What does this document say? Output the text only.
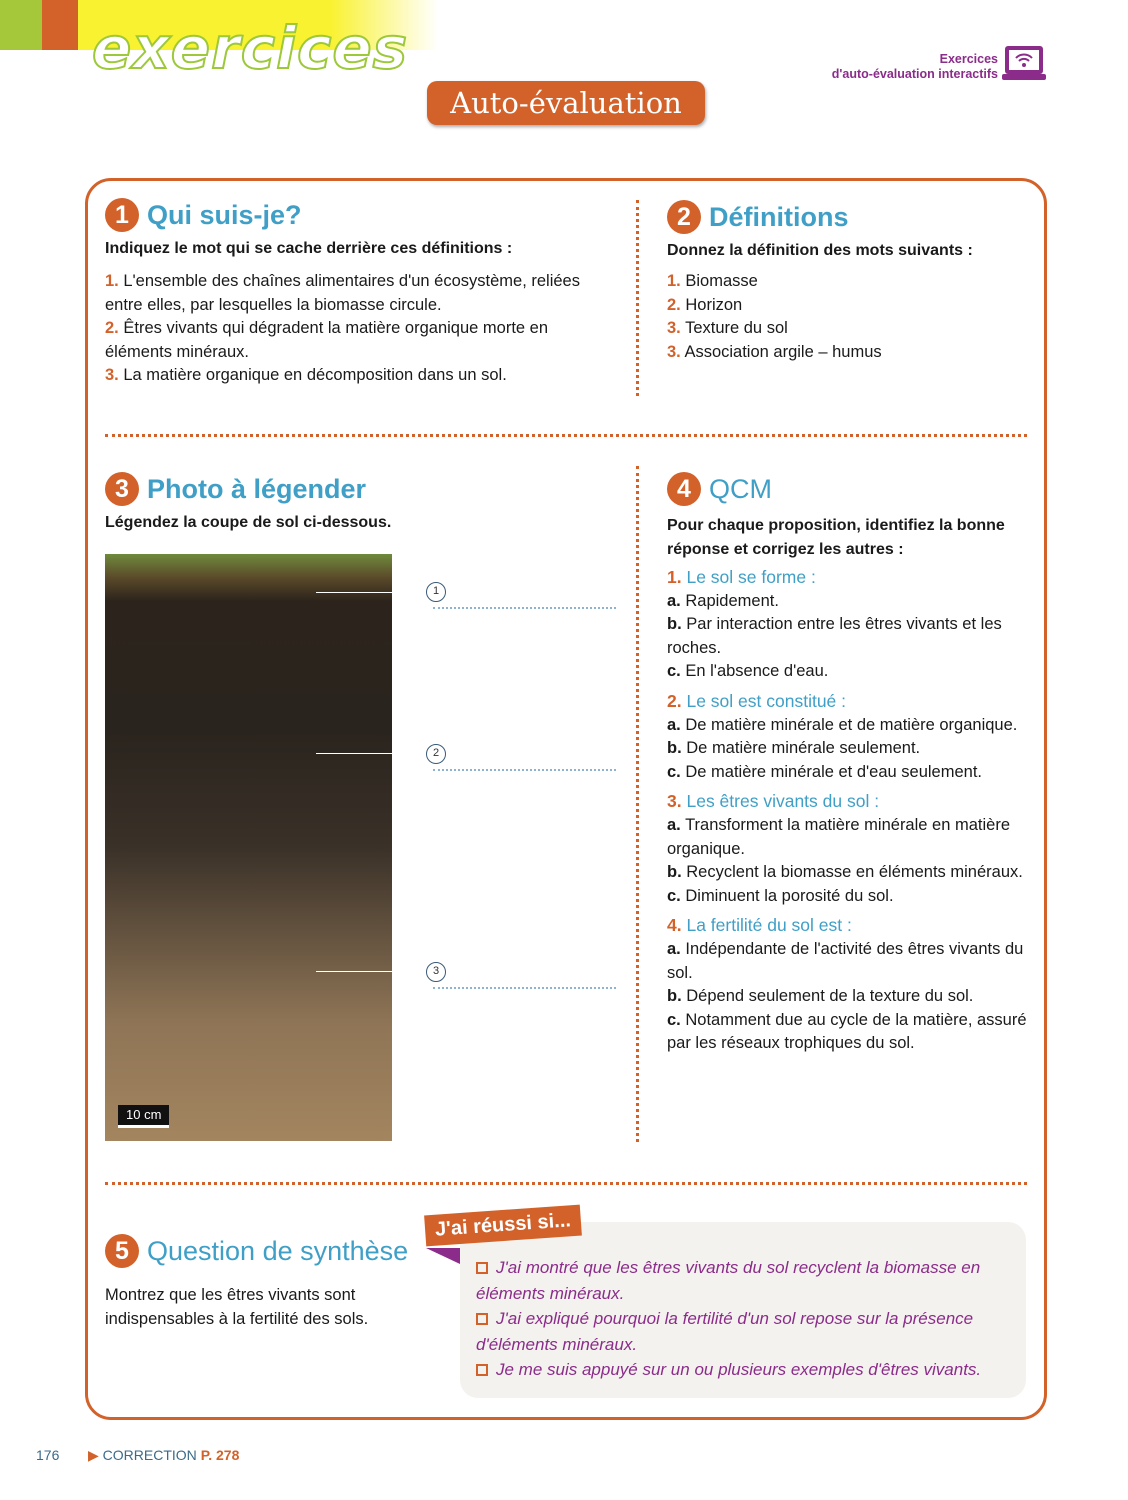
exercices	Exercices
d'auto-évaluation interactifs
Auto-évaluation
1 Qui suis-je?
Indiquez le mot qui se cache derrière ces définitions :
1. L'ensemble des chaînes alimentaires d'un écosystème, reliées entre elles, par lesquelles la biomasse circule.
2. Êtres vivants qui dégradent la matière organique morte en éléments minéraux.
3. La matière organique en décomposition dans un sol.
2 Définitions
Donnez la définition des mots suivants :
1. Biomasse
2. Horizon
3. Texture du sol
3. Association argile – humus
3 Photo à légender
Légendez la coupe de sol ci-dessous.
10 cm
1
2
3
4 QCM
Pour chaque proposition, identifiez la bonne réponse et corrigez les autres :
1. Le sol se forme :
a. Rapidement.
b. Par interaction entre les êtres vivants et les roches.
c. En l'absence d'eau.
2. Le sol est constitué :
a. De matière minérale et de matière organique.
b. De matière minérale seulement.
c. De matière minérale et d'eau seulement.
3. Les êtres vivants du sol :
a. Transforment la matière minérale en matière organique.
b. Recyclent la biomasse en éléments minéraux.
c. Diminuent la porosité du sol.
4. La fertilité du sol est :
a. Indépendante de l'activité des êtres vivants du sol.
b. Dépend seulement de la texture du sol.
c. Notamment due au cycle de la matière, assuré par les réseaux trophiques du sol.
5 Question de synthèse
Montrez que les êtres vivants sont indispensables à la fertilité des sols.
J'ai réussi si...
J'ai montré que les êtres vivants du sol recyclent la biomasse en éléments minéraux.
J'ai expliqué pourquoi la fertilité d'un sol repose sur la présence d'éléments minéraux.
Je me suis appuyé sur un ou plusieurs exemples d'êtres vivants.
176 ▶ CORRECTION P. 278
